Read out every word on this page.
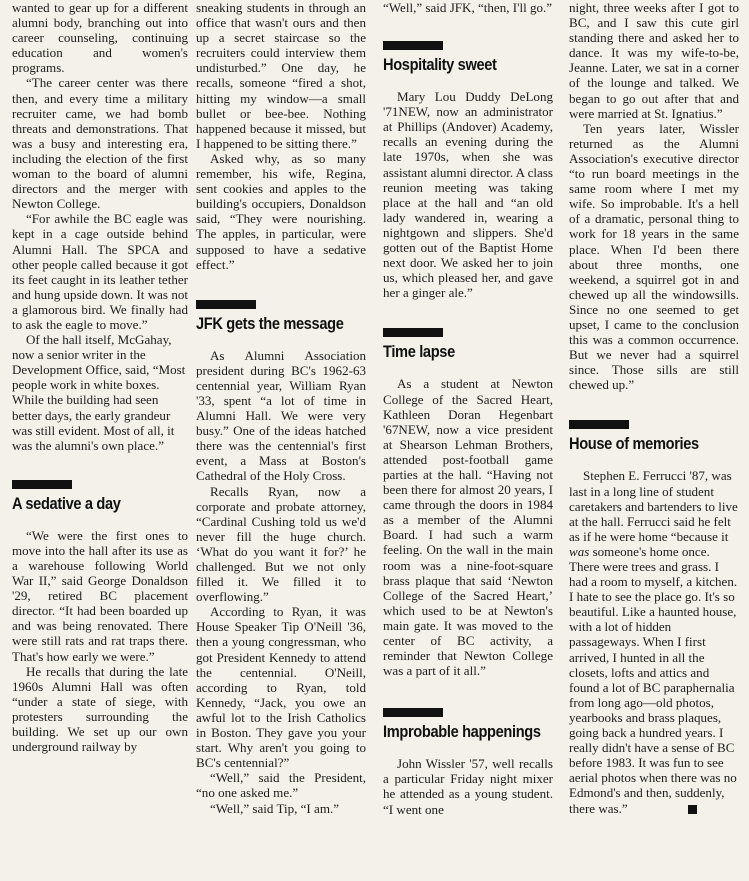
wanted to gear up for a different alumni body, branching out into career counseling, continuing education and women's programs.

“The career center was there then, and every time a military recruiter came, we had bomb threats and demonstrations. That was a busy and interesting era, including the election of the first woman to the board of alumni directors and the merger with Newton College.

“For awhile the BC eagle was kept in a cage outside behind Alumni Hall. The SPCA and other people called because it got its feet caught in its leather tether and hung upside down. It was not a glamorous bird. We finally had to ask the eagle to move.”

Of the hall itself, McGahay, now a senior writer in the Development Office, said, “Most people work in white boxes. While the building had seen better days, the early grandeur was still evident. Most of all, it was the alumni's own place.”

A sedative a day

“We were the first ones to move into the hall after its use as a warehouse following World War II,” said George Donaldson '29, retired BC placement director. “It had been boarded up and was being renovated. There were still rats and rat traps there. That's how early we were.”

He recalls that during the late 1960s Alumni Hall was often “under a state of siege, with protesters surrounding the building. We set up our own underground railway by

sneaking students in through an office that wasn't ours and then up a secret staircase so the recruiters could interview them undisturbed.” One day, he recalls, someone “fired a shot, hitting my window—a small bullet or bee-bee. Nothing happened because it missed, but I happened to be sitting there.”

Asked why, as so many remember, his wife, Regina, sent cookies and apples to the building's occupiers, Donaldson said, “They were nourishing. The apples, in particular, were supposed to have a sedative effect.”

JFK gets the message

As Alumni Association president during BC's 1962-63 centennial year, William Ryan '33, spent “a lot of time in Alumni Hall. We were very busy.” One of the ideas hatched there was the centennial's first event, a Mass at Boston's Cathedral of the Holy Cross.

Recalls Ryan, now a corporate and probate attorney, “Cardinal Cushing told us we'd never fill the huge church. ‘What do you want it for?’ he challenged. But we not only filled it. We filled it to overflowing.”

According to Ryan, it was House Speaker Tip O'Neill '36, then a young congressman, who got President Kennedy to attend the centennial. O'Neill, according to Ryan, told Kennedy, “Jack, you owe an awful lot to the Irish Catholics in Boston. They gave you your start. Why aren't you going to BC's centennial?”

“Well,” said the President, “no one asked me.”

“Well,” said Tip, “I am.”

“Well,” said JFK, “then, I'll go.”

Hospitality sweet

Mary Lou Duddy DeLong '71NEW, now an administrator at Phillips (Andover) Academy, recalls an evening during the late 1970s, when she was assistant alumni director. A class reunion meeting was taking place at the hall and “an old lady wandered in, wearing a nightgown and slippers. She'd gotten out of the Baptist Home next door. We asked her to join us, which pleased her, and gave her a ginger ale.”

Time lapse

As a student at Newton College of the Sacred Heart, Kathleen Doran Hegenbart '67NEW, now a vice president at Shearson Lehman Brothers, attended post-football game parties at the hall. “Having not been there for almost 20 years, I came through the doors in 1984 as a member of the Alumni Board. I had such a warm feeling. On the wall in the main room was a nine-foot-square brass plaque that said ‘Newton College of the Sacred Heart,’ which used to be at Newton's main gate. It was moved to the center of BC activity, a reminder that Newton College was a part of it all.”

Improbable happenings

John Wissler '57, well recalls a particular Friday night mixer he attended as a young student. “I went one

night, three weeks after I got to BC, and I saw this cute girl standing there and asked her to dance. It was my wife-to-be, Jeanne. Later, we sat in a corner of the lounge and talked. We began to go out after that and were married at St. Ignatius.”

Ten years later, Wissler returned as the Alumni Association's executive director “to run board meetings in the same room where I met my wife. So improbable. It's a hell of a dramatic, personal thing to work for 18 years in the same place. When I'd been there about three months, one weekend, a squirrel got in and chewed up all the windowsills. Since no one seemed to get upset, I came to the conclusion this was a common occurrence. But we never had a squirrel since. Those sills are still chewed up.”

House of memories

Stephen E. Ferrucci '87, was last in a long line of student caretakers and bartenders to live at the hall. Ferrucci said he felt as if he were home “because it was someone's home once. There were trees and grass. I had a room to myself, a kitchen. I hate to see the place go. It's so beautiful. Like a haunted house, with a lot of hidden passageways. When I first arrived, I hunted in all the closets, lofts and attics and found a lot of BC paraphernalia from long ago—old photos, yearbooks and brass plaques, going back a hundred years. I really didn't have a sense of BC before 1983. It was fun to see aerial photos when there was no Edmond's and then, suddenly, there was.”
